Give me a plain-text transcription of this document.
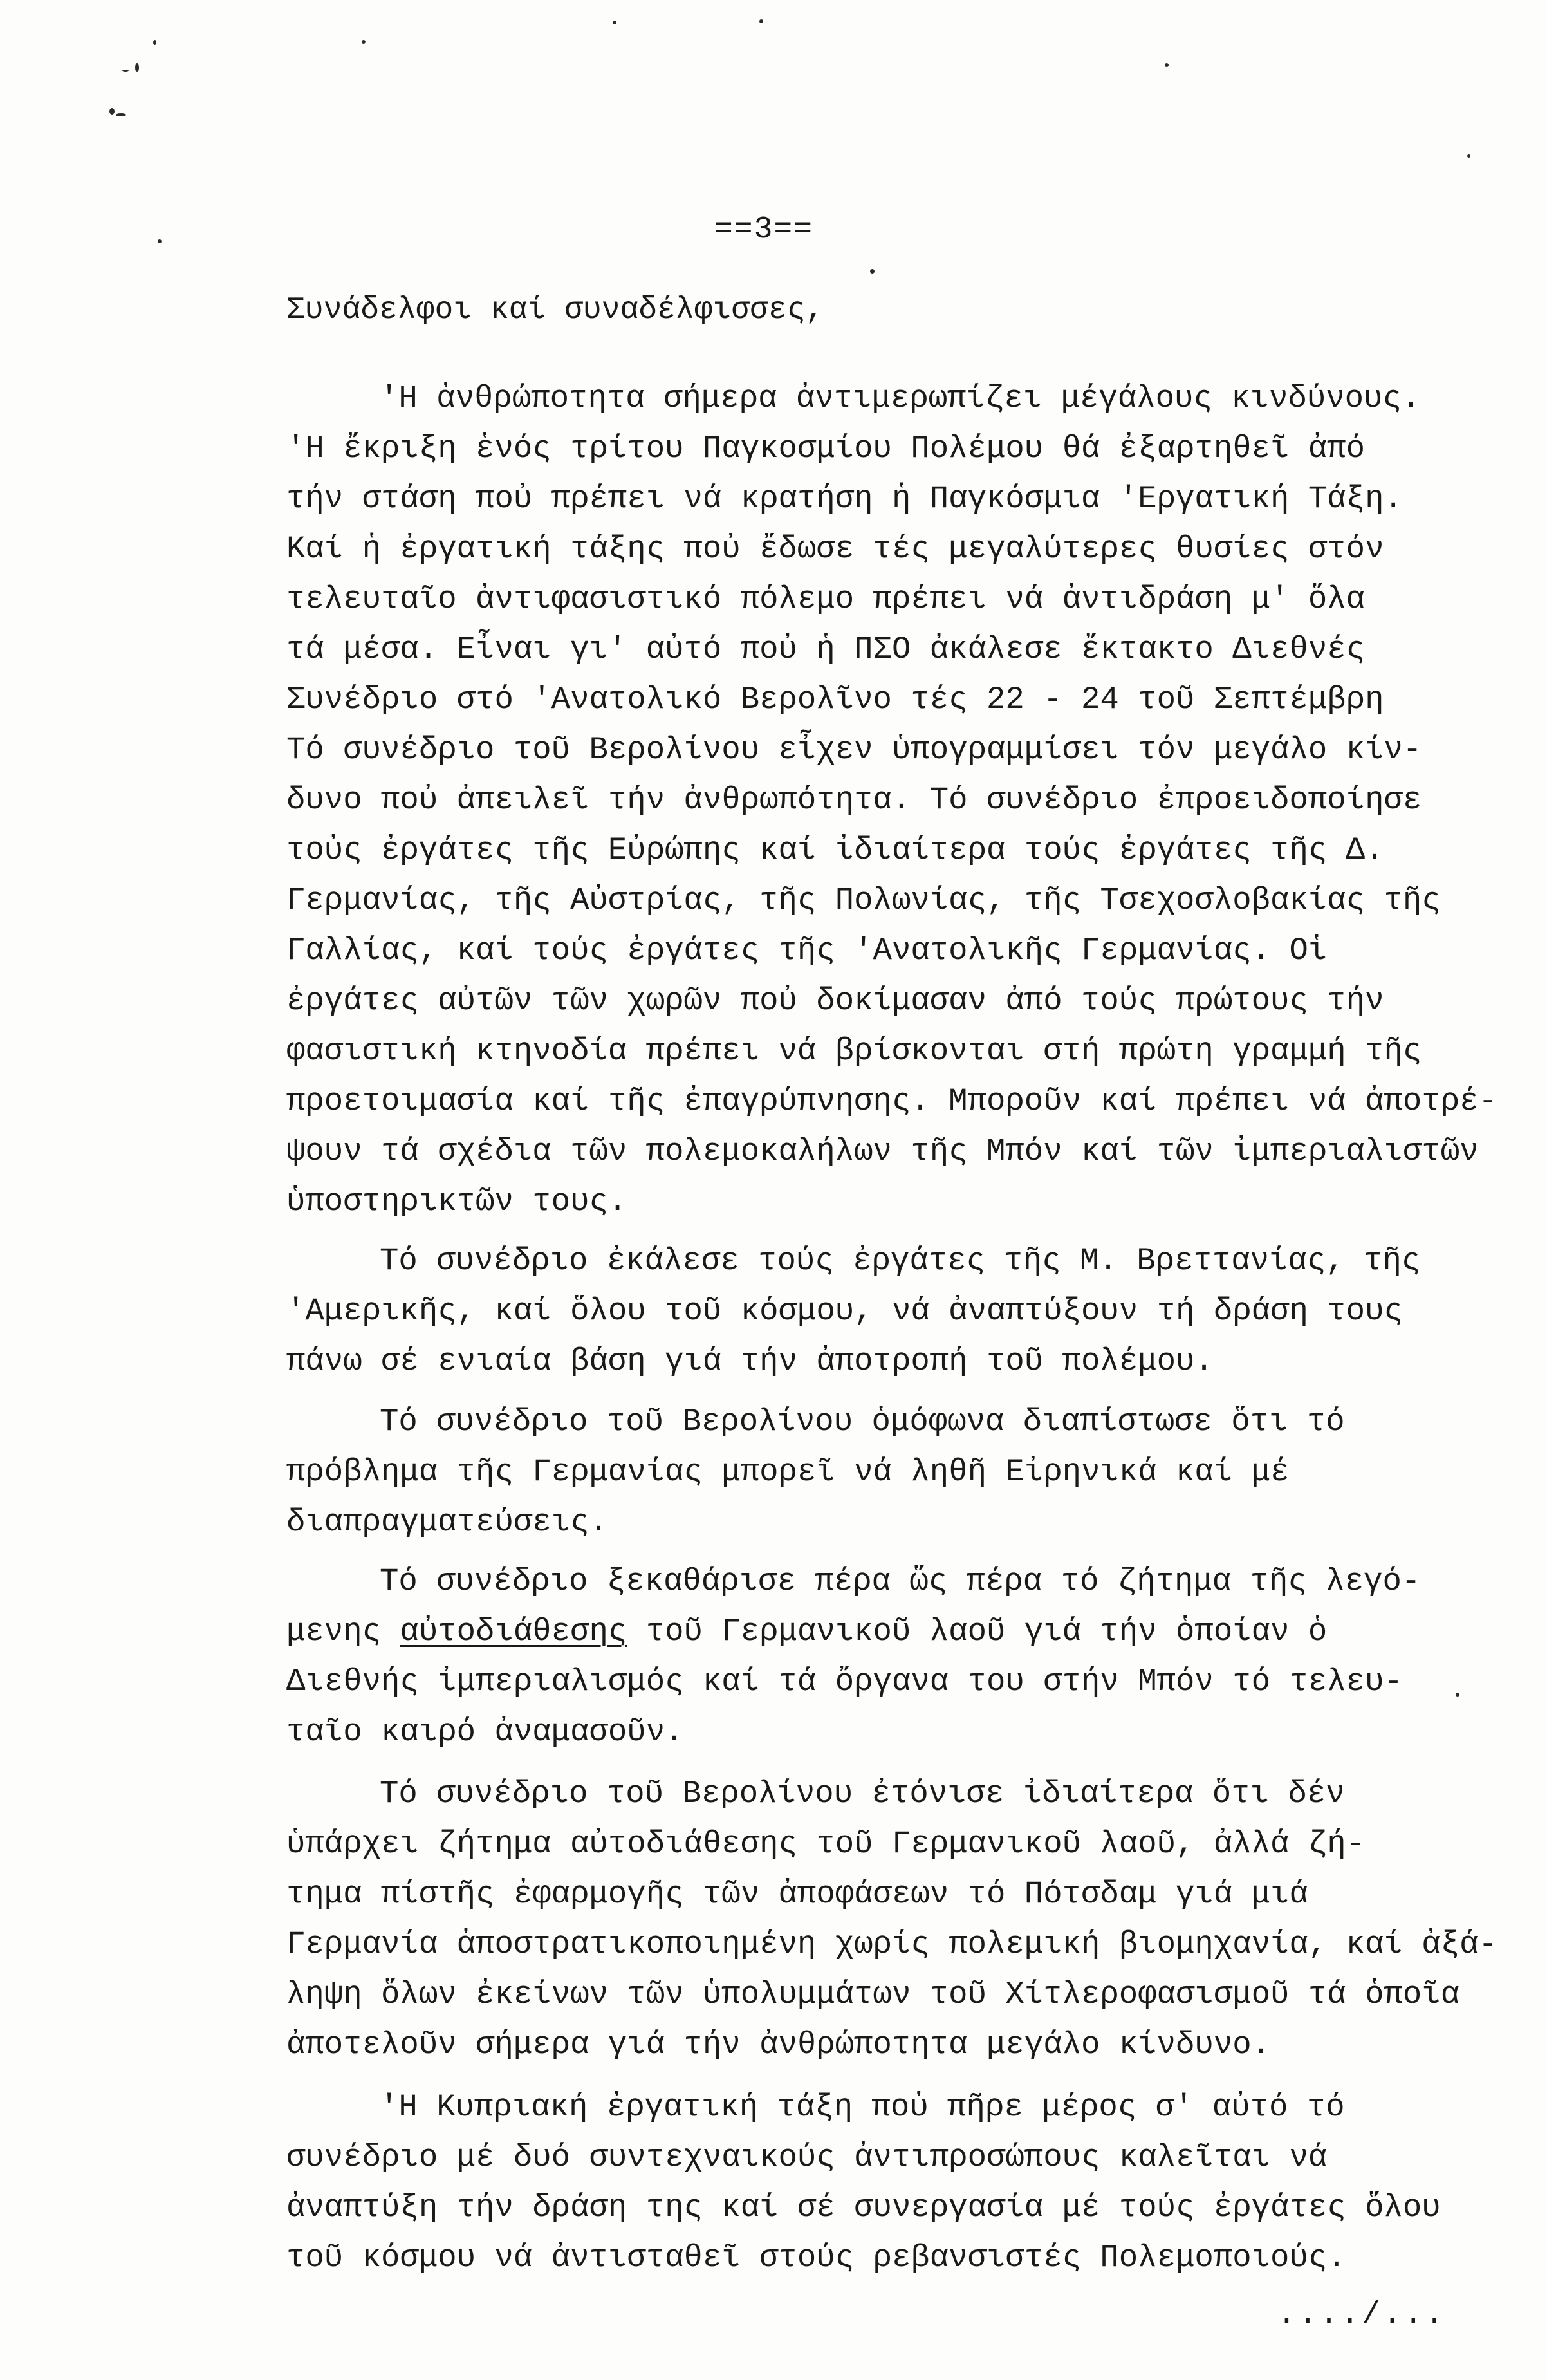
==3==
Συνάδελφοι καί συναδέλφισσες,
'Η ἀνθρώποτητα σήμερα ἀντιμερωπίζει μέγάλους κινδύνους.
'Η ἔκριξη ἑνός τρίτου Παγκοσμίου Πολέμου θά ἐξαρτηθεῖ ἀπό
τήν στάση ποὐ πρέπει νά κρατήση ἡ Παγκόσμια 'Εργατική Τάξη.
Καί ἡ ἐργατική τάξης ποὐ ἔδωσε τές μεγαλύτερες θυσίες στόν
τελευταῖο ἀντιφασιστικό πόλεμο πρέπει νά ἀντιδράση μ' ὅλα
τά μέσα. Εἶναι γι' αὐτό ποὐ ἡ ΠΣΟ ἀκάλεσε ἔκτακτο Διεθνές
Συνέδριο στό 'Ανατολικό Βερολῖνο τές 22 - 24 τοῦ Σεπτέμβρη
Τό συνέδριο τοῦ Βερολίνου εἶχεν ὑπογραμμίσει τόν μεγάλο κίν-
δυνο ποὐ ἀπειλεῖ τήν ἀνθρωπότητα. Τό συνέδριο ἐπροειδοποίησε
τοὐς ἐργάτες τῆς Εὐρώπης καί ἰδιαίτερα τούς ἐργάτες τῆς Δ.
Γερμανίας, τῆς Αὐστρίας, τῆς Πολωνίας, τῆς Τσεχοσλοβακίας τῆς
Γαλλίας, καί τούς ἐργάτες τῆς 'Ανατολικῆς Γερμανίας. Οἱ
ἐργάτες αὐτῶν τῶν χωρῶν ποὐ δοκίμασαν ἀπό τούς πρώτους τήν
φασιστική κτηνοδία πρέπει νά βρίσκονται στή πρώτη γραμμή τῆς
προετοιμασία καί τῆς ἐπαγρύπνησης. Μποροῦν καί πρέπει νά ἀποτρέ-
ψουν τά σχέδια τῶν πολεμοκαλήλων τῆς Μπόν καί τῶν ἰμπεριαλιστῶν
ὑποστηρικτῶν τους.
Τό συνέδριο ἐκάλεσε τούς ἐργάτες τῆς Μ. Βρεττανίας, τῆς
'Αμερικῆς, καί ὅλου τοῦ κόσμου, νά ἀναπτύξουν τή δράση τους
πάνω σέ ενιαία βάση γιά τήν ἀποτροπή τοῦ πολέμου.
Τό συνέδριο τοῦ Βερολίνου ὁμόφωνα διαπίστωσε ὅτι τό
πρόβλημα τῆς Γερμανίας μπορεῖ νά ληθῆ Εἰρηνικά καί μέ
διαπραγματεύσεις.
Τό συνέδριο ξεκαθάρισε πέρα ὥς πέρα τό ζήτημα τῆς λεγό-
μενης αὐτοδιάθεσης τοῦ Γερμανικοῦ λαοῦ γιά τήν ὁποίαν ὁ
Διεθνής ἰμπεριαλισμός καί τά ὄργανα του στήν Μπόν τό τελευ-
ταῖο καιρό ἀναμασοῦν.
Τό συνέδριο τοῦ Βερολίνου ἐτόνισε ἰδιαίτερα ὅτι δέν
ὑπάρχει ζήτημα αὐτοδιάθεσης τοῦ Γερμανικοῦ λαοῦ, ἀλλά ζή-
τημα πίστῆς ἐφαρμογῆς τῶν ἀποφάσεων τό Πότσδαμ γιά μιά
Γερμανία ἀποστρατικοποιημένη χωρίς πολεμική βιομηχανία, καί ἀξά-
ληψη ὅλων ἐκείνων τῶν ὑπολυμμάτων τοῦ Χίτλεροφασισμοῦ τά ὁποῖα
ἀποτελοῦν σήμερα γιά τήν ἀνθρώποτητα μεγάλο κίνδυνο.
'Η Κυπριακή ἐργατική τάξη ποὐ πῆρε μέρος σ' αὐτό τό
συνέδριο μέ δυό συντεχναικούς ἀντιπροσώπους καλεῖται νά
ἀναπτύξη τήν δράση της καί σέ συνεργασία μέ τούς ἐργάτες ὅλου
τοῦ κόσμου νά ἀντισταθεῖ στούς ρεβανσιστές Πολεμοποιούς.
..../...
